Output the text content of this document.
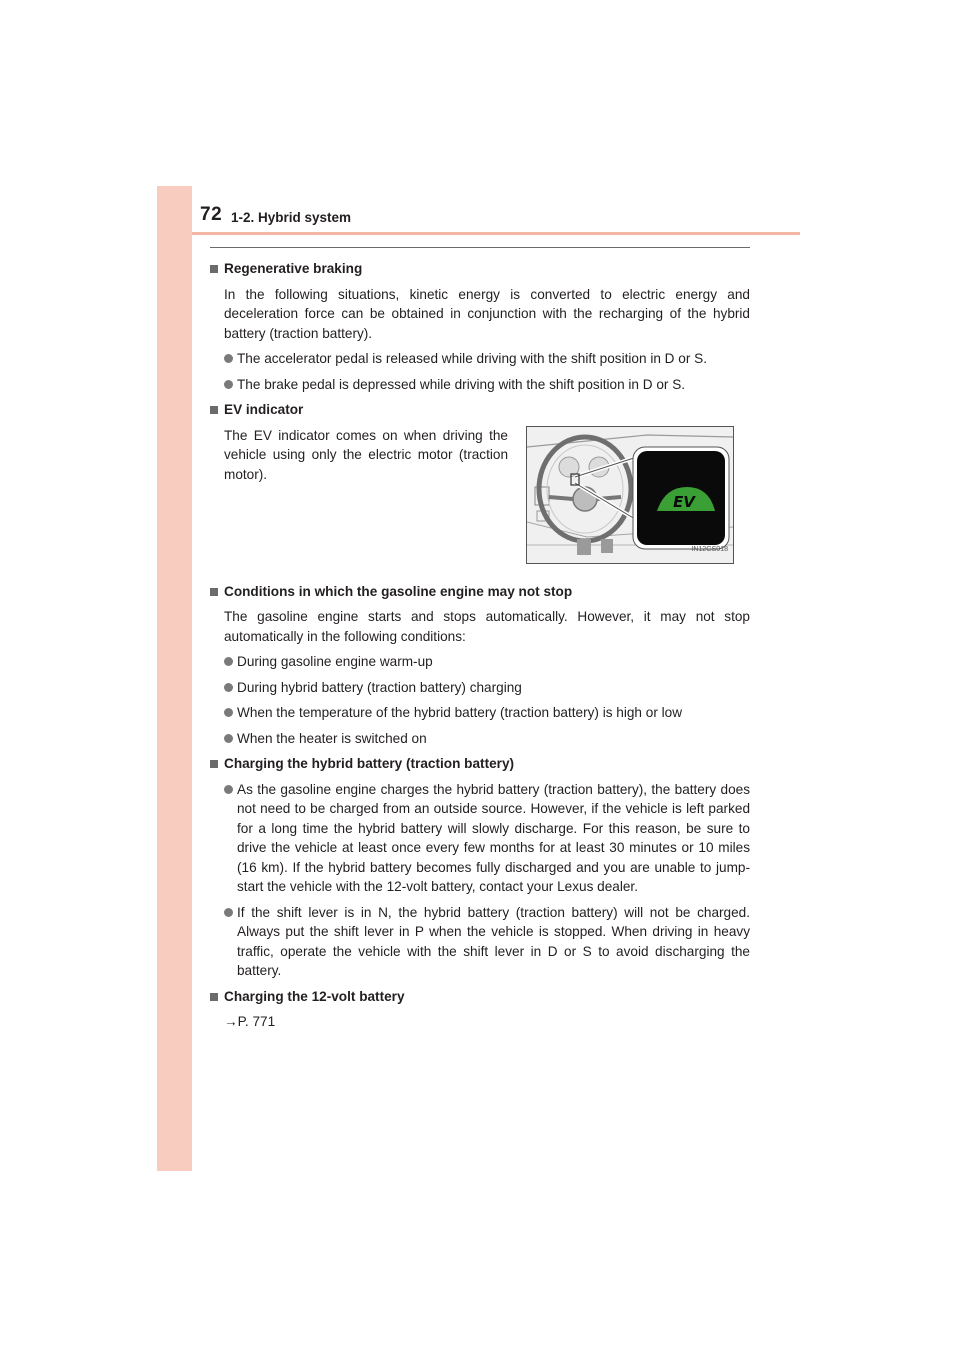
72 1-2. Hybrid system
Regenerative braking
In the following situations, kinetic energy is converted to electric energy and deceleration force can be obtained in conjunction with the recharging of the hybrid battery (traction battery).
The accelerator pedal is released while driving with the shift position in D or S.
The brake pedal is depressed while driving with the shift position in D or S.
EV indicator
The EV indicator comes on when driving the vehicle using only the electric motor (traction motor).
EV
IN12GS018
Conditions in which the gasoline engine may not stop
The gasoline engine starts and stops automatically. However, it may not stop automatically in the following conditions:
During gasoline engine warm-up
During hybrid battery (traction battery) charging
When the temperature of the hybrid battery (traction battery) is high or low
When the heater is switched on
Charging the hybrid battery (traction battery)
As the gasoline engine charges the hybrid battery (traction battery), the battery does not need to be charged from an outside source. However, if the vehicle is left parked for a long time the hybrid battery will slowly discharge. For this reason, be sure to drive the vehicle at least once every few months for at least 30 minutes or 10 miles (16 km). If the hybrid battery becomes fully discharged and you are unable to jump-start the vehicle with the 12-volt battery, contact your Lexus dealer.
If the shift lever is in N, the hybrid battery (traction battery) will not be charged. Always put the shift lever in P when the vehicle is stopped. When driving in heavy traffic, operate the vehicle with the shift lever in D or S to avoid discharging the battery.
Charging the 12-volt battery
→P. 771
